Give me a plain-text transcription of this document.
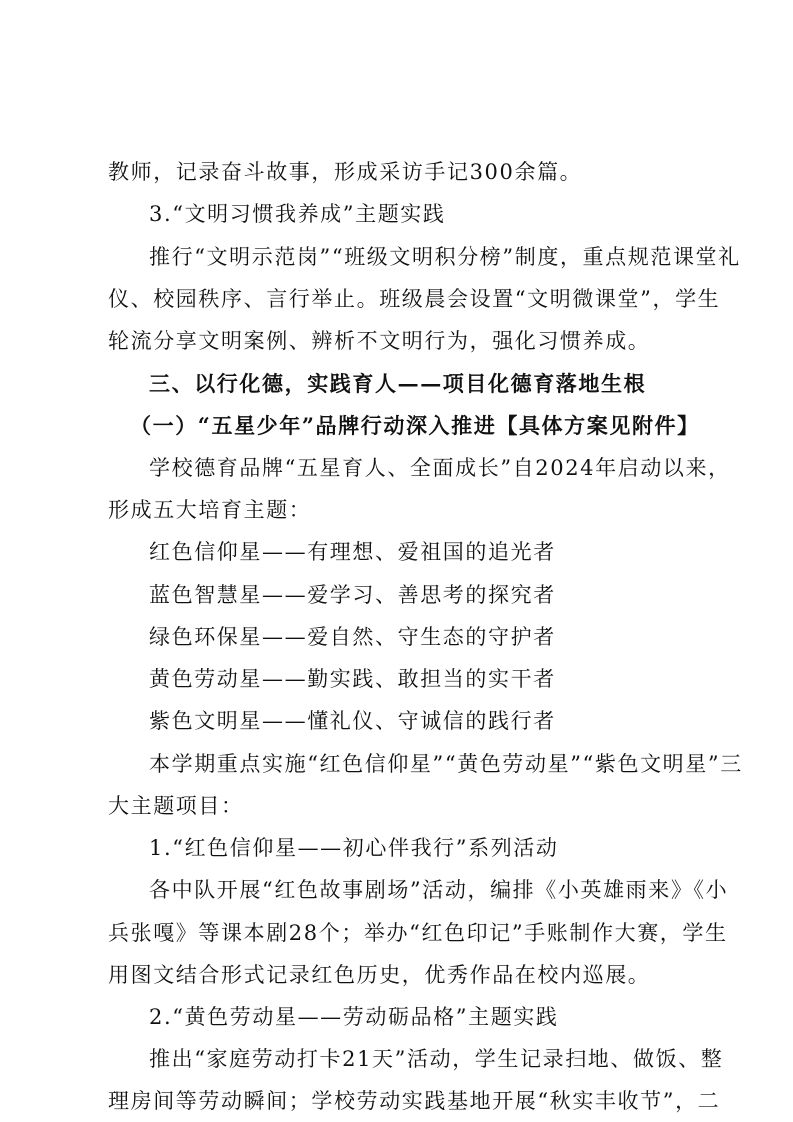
教师，记录奋斗故事，形成采访手记300余篇。
3.“文明习惯我养成”主题实践
推行“文明示范岗”“班级文明积分榜”制度，重点规范课堂礼
仪、校园秩序、言行举止。班级晨会设置“文明微课堂”，学生
轮流分享文明案例、辨析不文明行为，强化习惯养成。
三、以行化德，实践育人——项目化德育落地生根
（一）“五星少年”品牌行动深入推进【具体方案见附件】
学校德育品牌“五星育人、全面成长”自2024年启动以来，
形成五大培育主题：
红色信仰星——有理想、爱祖国的追光者
蓝色智慧星——爱学习、善思考的探究者
绿色环保星——爱自然、守生态的守护者
黄色劳动星——勤实践、敢担当的实干者
紫色文明星——懂礼仪、守诚信的践行者
本学期重点实施“红色信仰星”“黄色劳动星”“紫色文明星”三
大主题项目：
1.“红色信仰星——初心伴我行”系列活动
各中队开展“红色故事剧场”活动，编排《小英雄雨来》《小
兵张嘎》等课本剧28个；举办“红色印记”手账制作大赛，学生
用图文结合形式记录红色历史，优秀作品在校内巡展。
2.“黄色劳动星——劳动砺品格”主题实践
推出“家庭劳动打卡21天”活动，学生记录扫地、做饭、整
理房间等劳动瞬间；学校劳动实践基地开展“秋实丰收节”，二
